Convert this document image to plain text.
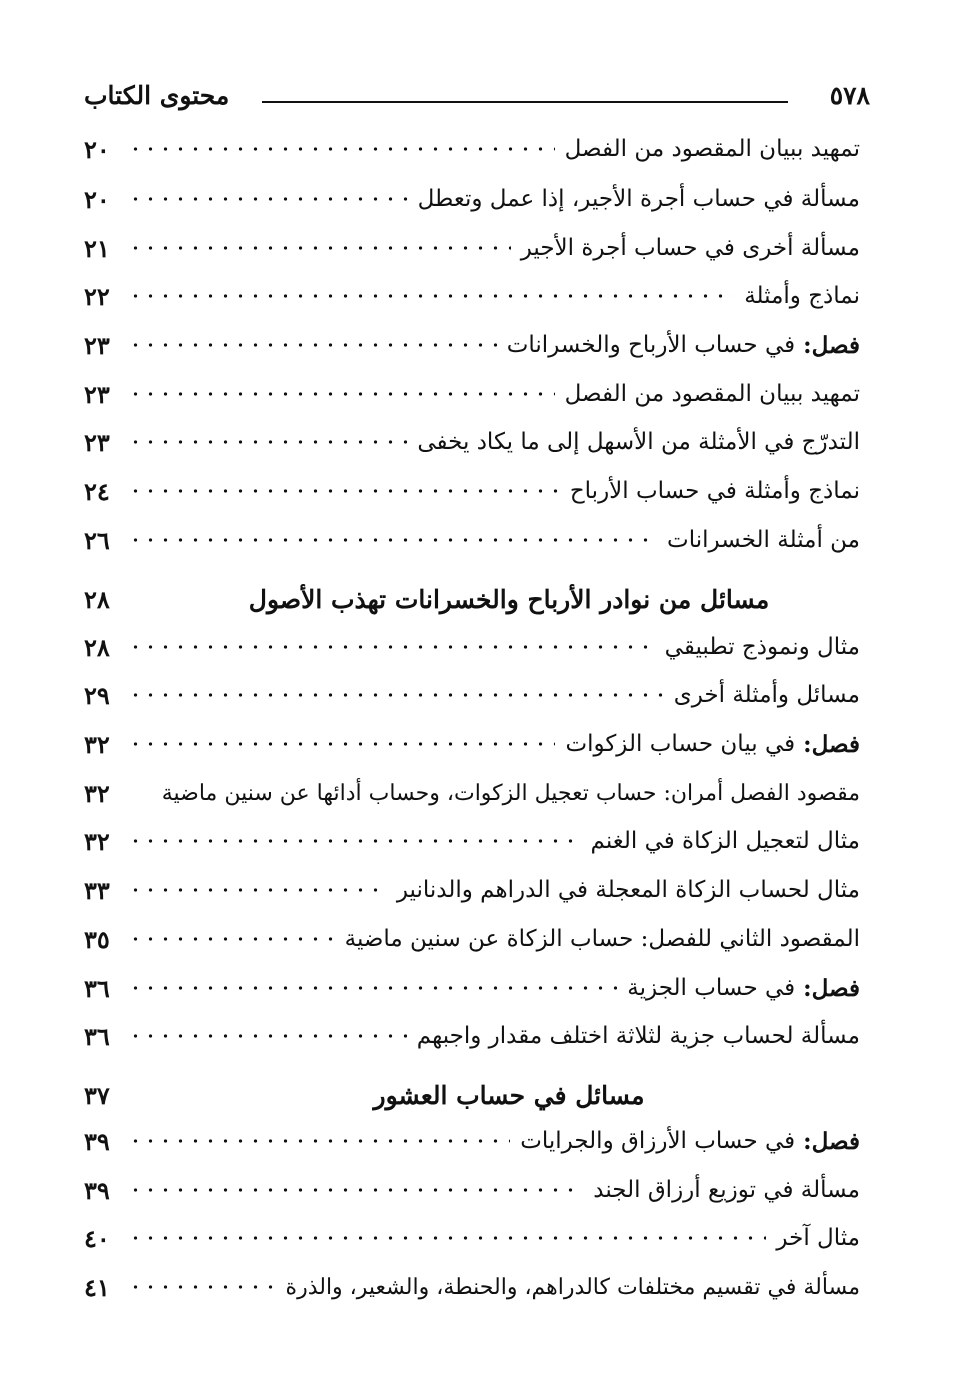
٥٧٨
محتوى الكتاب
تمهيد ببيان المقصود من الفصل
٢٠
مسألة في حساب أجرة الأجير، إذا عمل وتعطل
٢٠
مسألة أخرى في حساب أجرة الأجير
٢١
نماذج وأمثلة
٢٢
فصل:
في حساب الأرباح والخسرانات
٢٣
تمهيد ببيان المقصود من الفصل
٢٣
التدرّج في الأمثلة من الأسهل إلى ما يكاد يخفى
٢٣
نماذج وأمثلة في حساب الأرباح
٢٤
من أمثلة الخسرانات
٢٦
مسائل من نوادر الأرباح والخسرانات تهذب الأصول
٢٨
مثال ونموذج تطبيقي
٢٨
مسائل وأمثلة أخرى
٢٩
فصل:
في بيان حساب الزكوات
٣٢
مقصود الفصل أمران: حساب تعجيل الزكوات، وحساب أدائها عن سنين ماضية
٣٢
مثال لتعجيل الزكاة في الغنم
٣٢
مثال لحساب الزكاة المعجلة في الدراهم والدنانير
٣٣
المقصود الثاني للفصل: حساب الزكاة عن سنين ماضية
٣٥
فصل:
في حساب الجزية
٣٦
مسألة لحساب جزية لثلاثة اختلف مقدار واجبهم
٣٦
مسائل في حساب العشور
٣٧
فصل:
في حساب الأرزاق والجرايات
٣٩
مسألة في توزيع أرزاق الجند
٣٩
مثال آخر
٤٠
مسألة في تقسيم مختلفات كالدراهم، والحنطة، والشعير، والذرة
٤١
